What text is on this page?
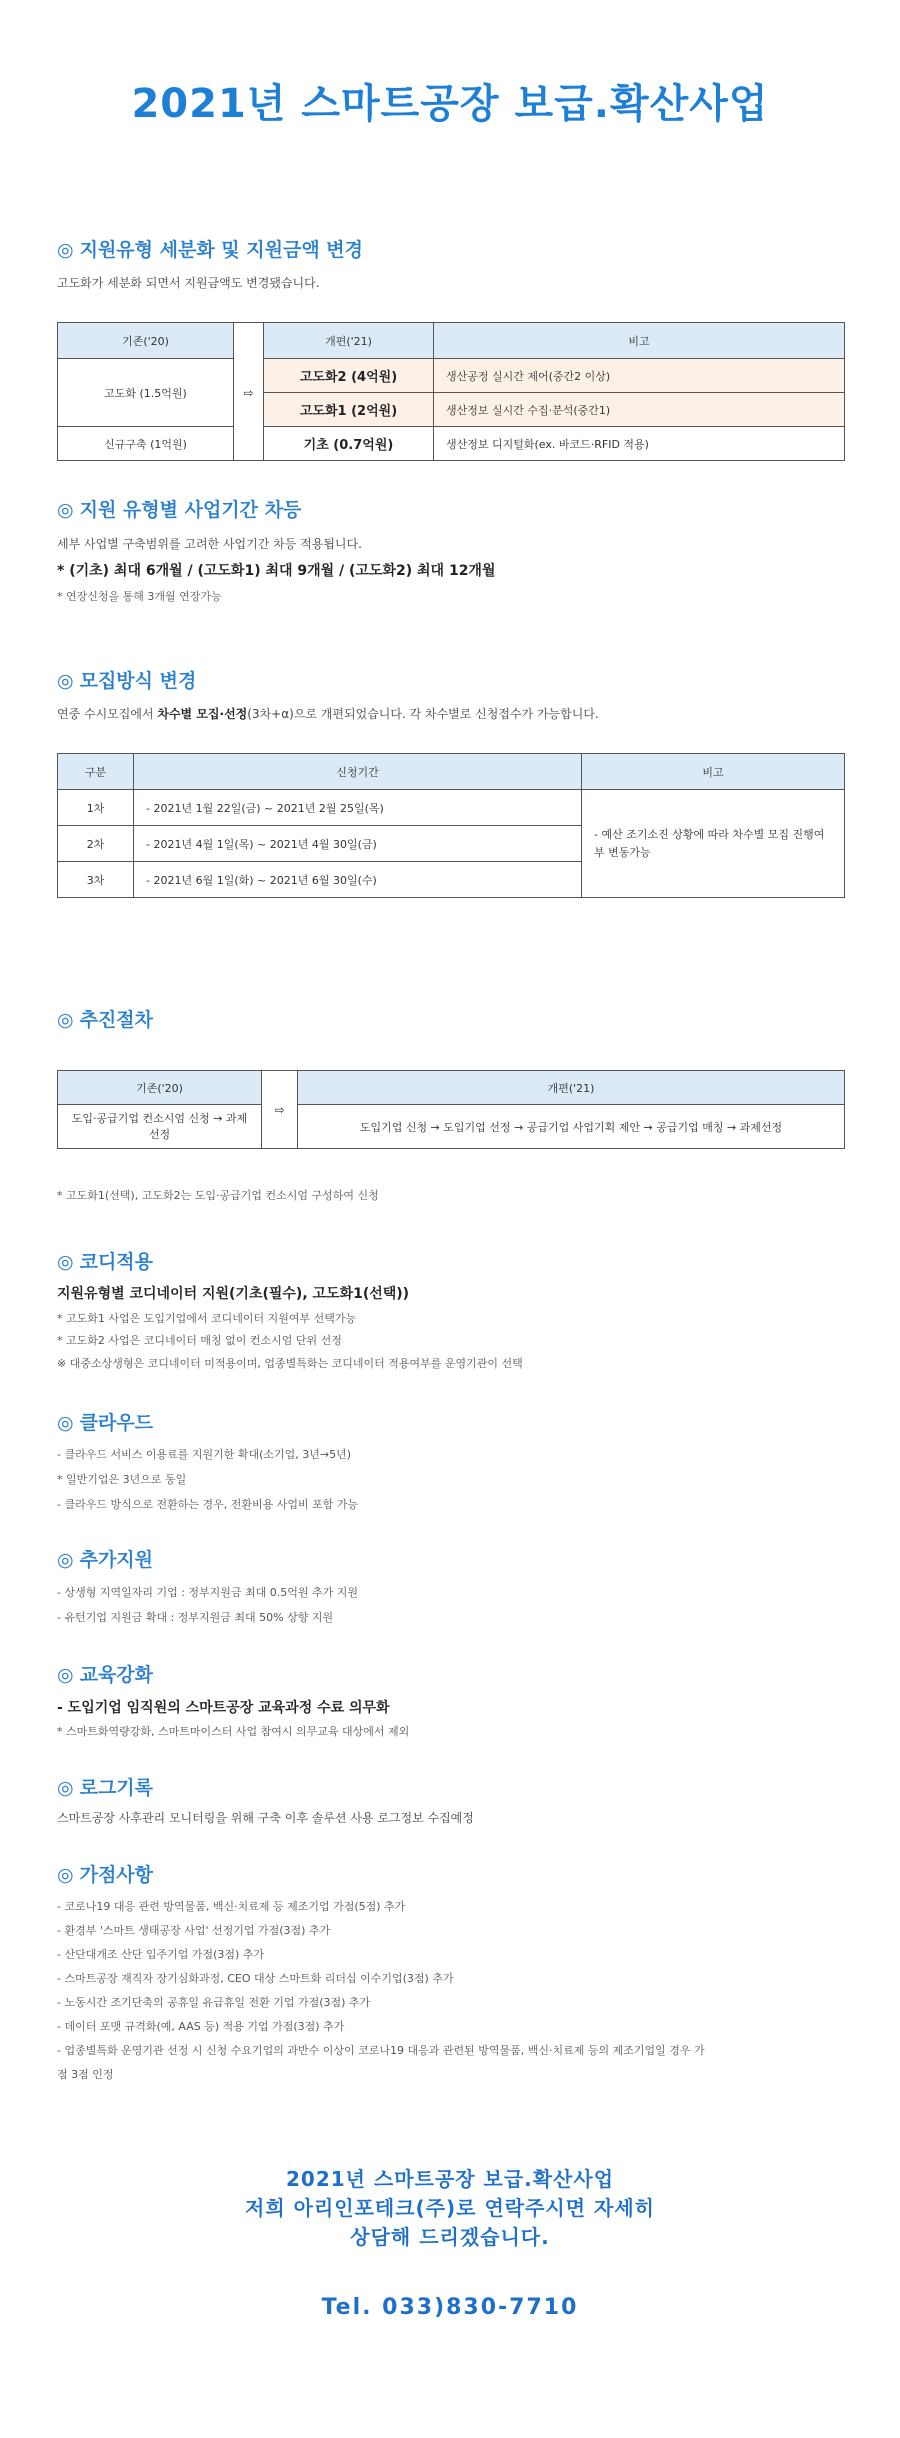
2021년 스마트공장 보급.확산사업
◎ 지원유형 세분화 및 지원금액 변경
고도화가 세분화 되면서 지원금액도 변경됐습니다.
기존('20)		개편('21)	비고
고도화 (1.5억원)	⇨	고도화2 (4억원)	생산공정 실시간 제어(중간2 이상)
		고도화1 (2억원)	생산정보 실시간 수집·분석(중간1)
신규구축 (1억원)		기초 (0.7억원)	생산정보 디지털화(ex. 바코드·RFID 적용)
◎ 지원 유형별 사업기간 차등
세부 사업별 구축범위를 고려한 사업기간 차등 적용됩니다.
* (기초) 최대 6개월 / (고도화1) 최대 9개월 / (고도화2) 최대 12개월
* 연장신청을 통해 3개월 연장가능
◎ 모집방식 변경
연중 수시모집에서 차수별 모집·선정(3차+α)으로 개편되었습니다. 각 차수별로 신청접수가 가능합니다.
구분	신청기간	비고
1차	- 2021년 1월 22일(금) ~ 2021년 2월 25일(목)	- 예산 조기소진 상황에 따라 차수별 모집 진행여부 변동가능
2차	- 2021년 4월 1일(목) ~ 2021년 4월 30일(금)	
3차	- 2021년 6월 1일(화) ~ 2021년 6월 30일(수)	
◎ 추진절차
기존('20)	⇨	개편('21)
도입·공급기업 컨소시엄 신청 → 과제선정		도입기업 신청 → 도입기업 선정 → 공급기업 사업기획 제안 → 공급기업 매칭 → 과제선정
* 고도화1(선택), 고도화2는 도입·공급기업 컨소시엄 구성하여 신청
◎ 코디적용
지원유형별 코디네이터 지원(기초(필수), 고도화1(선택))
* 고도화1 사업은 도입기업에서 코디네이터 지원여부 선택가능
* 고도화2 사업은 코디네이터 매칭 없이 컨소시엄 단위 선정
※ 대중소상생형은 코디네이터 미적용이며, 업종별특화는 코디네이터 적용여부를 운영기관이 선택
◎ 클라우드
- 클라우드 서비스 이용료를 지원기한 확대(소기업, 3년→5년)
* 일반기업은 3년으로 동일
- 클라우드 방식으로 전환하는 경우, 전환비용 사업비 포함 가능
◎ 추가지원
- 상생형 지역일자리 기업 : 정부지원금 최대 0.5억원 추가 지원
- 유턴기업 지원금 확대 : 정부지원금 최대 50% 상향 지원
◎ 교육강화
- 도입기업 임직원의 스마트공장 교육과정 수료 의무화
* 스마트화역량강화, 스마트마이스터 사업 참여시 의무교육 대상에서 제외
◎ 로그기록
스마트공장 사후관리 모니터링을 위해 구축 이후 솔루션 사용 로그정보 수집예정
◎ 가점사항
- 코로나19 대응 관련 방역물품, 백신·치료제 등 제조기업 가점(5점) 추가
- 환경부 '스마트 생태공장 사업' 선정기업 가점(3점) 추가
- 산단대개조 산단 입주기업 가점(3점) 추가
- 스마트공장 재직자 장기심화과정, CEO 대상 스마트화 리더십 이수기업(3점) 추가
- 노동시간 조기단축의 공휴일 유급휴일 전환 기업 가점(3점) 추가
- 데이터 포맷 규격화(예, AAS 등) 적용 기업 가점(3점) 추가
- 업종별특화 운영기관 선정 시 신청 수요기업의 과반수 이상이 코로나19 대응과 관련된 방역물품, 백신·치료제 등의 제조기업일 경우 가
점 3점 인정
2021년 스마트공장 보급.확산사업
저희 아리인포테크(주)로 연락주시면 자세히
상담해 드리겠습니다.
Tel. 033)830-7710
